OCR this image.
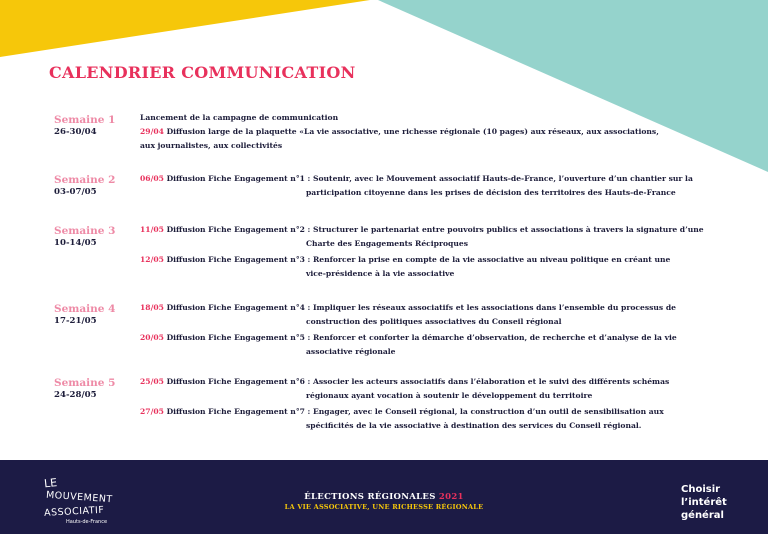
CALENDRIER COMMUNICATION
Semaine 1
26-30/04
Semaine 2
03-07/05
Semaine 3
10-14/05
Semaine 4
17-21/05
Semaine 5
24-28/05
Lancement de la campagne de communication
29/04 Diffusion large de la plaquette «La vie associative, une richesse régionale (10 pages) aux réseaux, aux associations,
aux journalistes, aux collectivités
06/05 Diffusion Fiche Engagement n°1 : Soutenir, avec le Mouvement associatif Hauts-de-France, l’ouverture d’un chantier sur la
participation citoyenne dans les prises de décision des territoires des Hauts-de-France
11/05 Diffusion Fiche Engagement n°2 : Structurer le partenariat entre pouvoirs publics et associations à travers la signature d’une
Charte des Engagements Réciproques
12/05 Diffusion Fiche Engagement n°3 : Renforcer la prise en compte de la vie associative au niveau politique en créant une
vice-présidence à la vie associative
18/05 Diffusion Fiche Engagement n°4 : Impliquer les réseaux associatifs et les associations dans l’ensemble du processus de
construction des politiques associatives du Conseil régional
20/05 Diffusion Fiche Engagement n°5 : Renforcer et conforter la démarche d’observation, de recherche et d’analyse de la vie
associative régionale
25/05 Diffusion Fiche Engagement n°6 : Associer les acteurs associatifs dans l’élaboration et le suivi des différents schémas
régionaux ayant vocation à soutenir le développement du territoire
27/05 Diffusion Fiche Engagement n°7 : Engager, avec le Conseil régional, la construction d’un outil de sensibilisation aux
spécificités de la vie associative à destination des services du Conseil régional.
LE
MOUVEMENT
ASSOCIATIF
Hauts-de-France
ÉLECTIONS RÉGIONALES 2021
LA VIE ASSOCIATIVE, UNE RICHESSE RÉGIONALE
Choisir
l’intérêt
général
